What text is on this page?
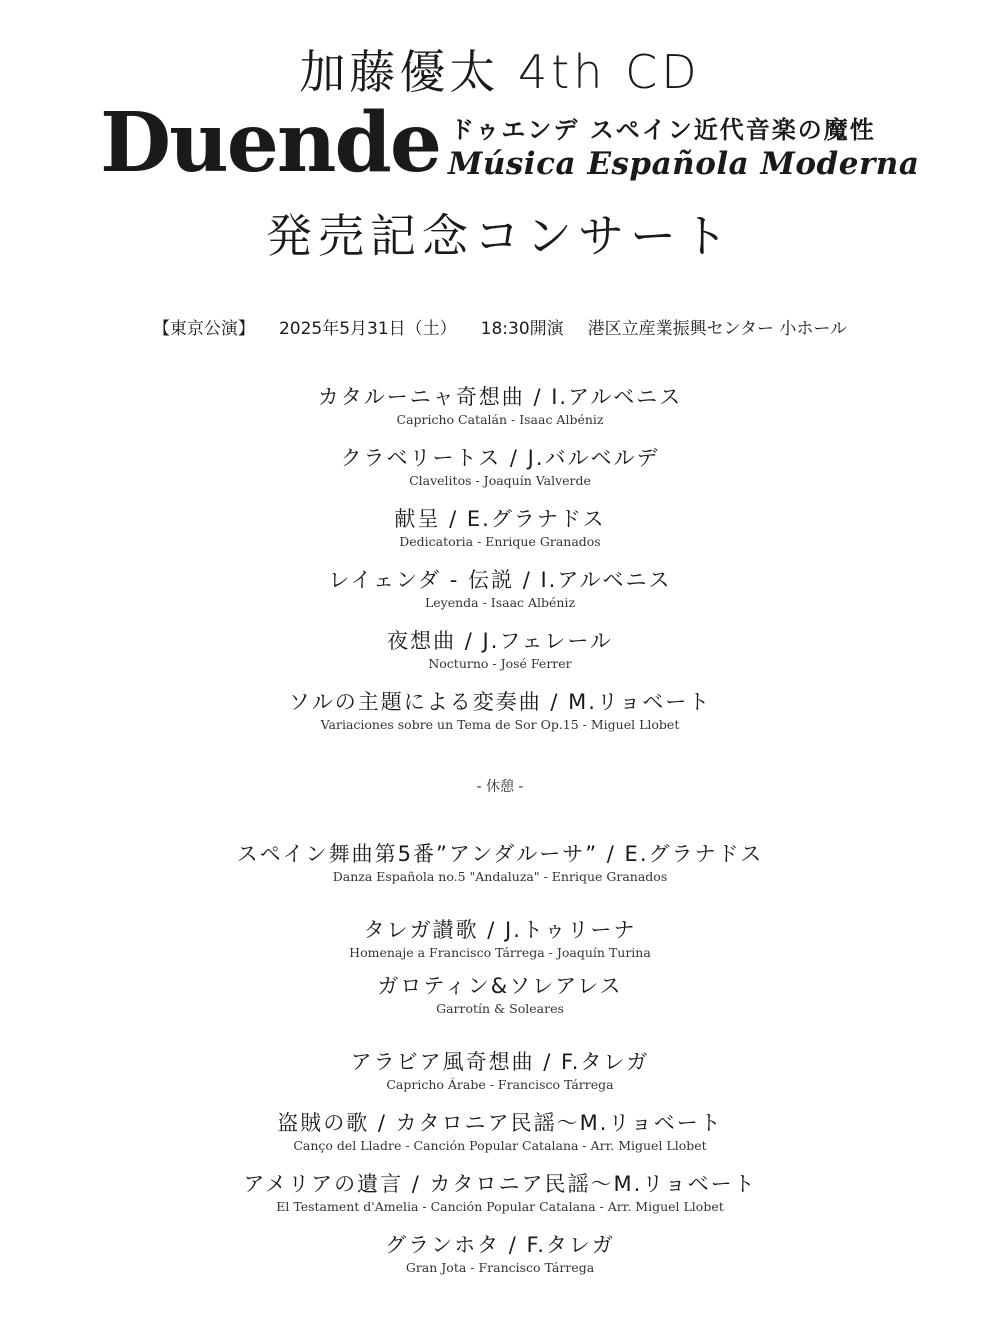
加藤優太 4th CD
Duende ドゥエンデ スペイン近代音楽の魔性
Música Española Moderna
発売記念コンサート
【東京公演】 2025年5月31日（土） 18:30開演 港区立産業振興センター 小ホール
カタルーニャ奇想曲 / I.アルベニス
Capricho Catalán - Isaac Albéniz
クラベリートス / J.バルベルデ
Clavelitos - Joaquín Valverde
献呈 / E.グラナドス
Dedicatoria - Enrique Granados
レイェンダ - 伝説 / I.アルベニス
Leyenda - Isaac Albéniz
夜想曲 / J.フェレール
Nocturno - José Ferrer
ソルの主題による変奏曲 / M.リョベート
Variaciones sobre un Tema de Sor Op.15 - Miguel Llobet
- 休憩 -
スペイン舞曲第5番”アンダルーサ” / E.グラナドス
Danza Española no.5 "Andaluza" - Enrique Granados
タレガ讃歌 / J.トゥリーナ
Homenaje a Francisco Tárrega - Joaquín Turina
ガロティン&ソレアレス
Garrotín & Soleares
アラビア風奇想曲 / F.タレガ
Capricho Árabe - Francisco Tárrega
盗賊の歌 / カタロニア民謡〜M.リョベート
Canço del Lladre - Canción Popular Catalana - Arr. Miguel Llobet
アメリアの遺言 / カタロニア民謡〜M.リョベート
El Testament d'Amelia - Canción Popular Catalana - Arr. Miguel Llobet
グランホタ / F.タレガ
Gran Jota - Francisco Tárrega
